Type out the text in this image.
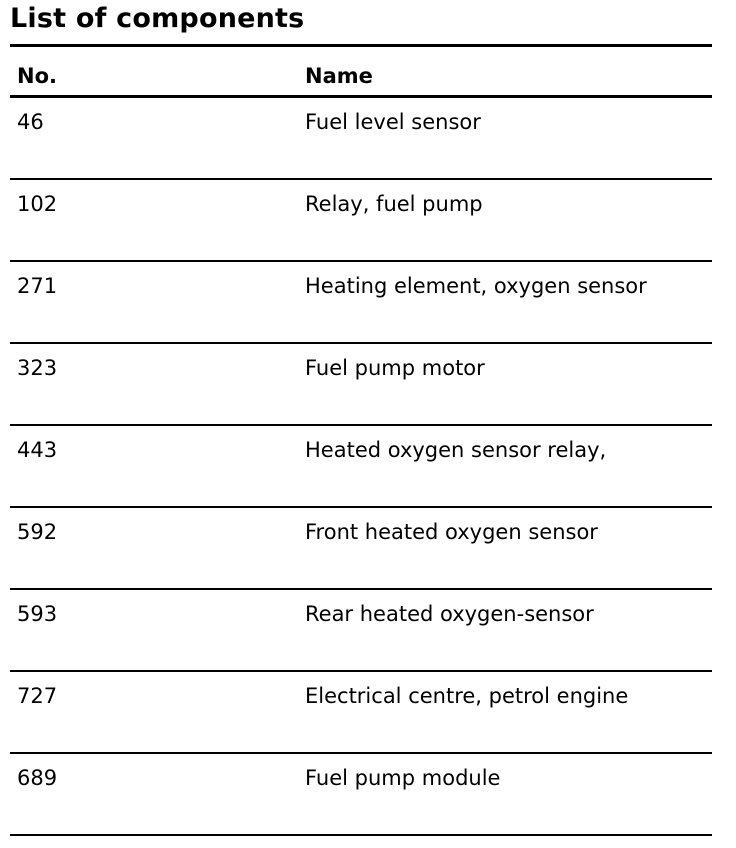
List of components
No.	Name
46	Fuel level sensor
102	Relay, fuel pump
271	Heating element, oxygen sensor
323	Fuel pump motor
443	Heated oxygen sensor relay,
592	Front heated oxygen sensor
593	Rear heated oxygen-sensor
727	Electrical centre, petrol engine
689	Fuel pump module
